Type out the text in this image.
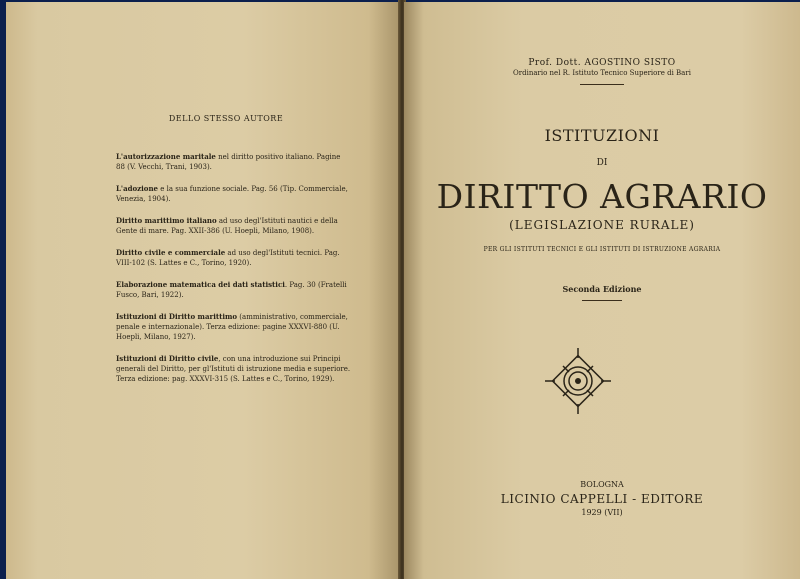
DELLO STESSO AUTORE
L'autorizzazione maritale nel diritto positivo italiano. Pagine 88 (V. Vecchi, Trani, 1903).
L'adozione e la sua funzione sociale. Pag. 56 (Tip. Commerciale, Venezia, 1904).
Diritto marittimo italiano ad uso degl'Istituti nautici e della Gente di mare. Pag. XXII-386 (U. Hoepli, Milano, 1908).
Diritto civile e commerciale ad uso degl'Istituti tecnici. Pag. VIII-102 (S. Lattes e C., Torino, 1920).
Elaborazione matematica dei dati statistici. Pag. 30 (Fratelli Fusco, Bari, 1922).
Istituzioni di Diritto marittimo (amministrativo, commerciale, penale e internazionale). Terza edizione: pagine XXXVI-880 (U. Hoepli, Milano, 1927).
Istituzioni di Diritto civile, con una introduzione sui Principi generali del Diritto, per gl'Istituti di istruzione media e superiore. Terza edizione: pag. XXXVI-315 (S. Lattes e C., Torino, 1929).
Prof. Dott. AGOSTINO SISTO
Ordinario nel R. Istituto Tecnico Superiore di Bari
ISTITUZIONI
DI
DIRITTO AGRARIO
(LEGISLAZIONE RURALE)
PER GLI ISTITUTI TECNICI E GLI ISTITUTI DI ISTRUZIONE AGRARIA
Seconda Edizione
BOLOGNA
LICINIO CAPPELLI - EDITORE
1929 (VII)
